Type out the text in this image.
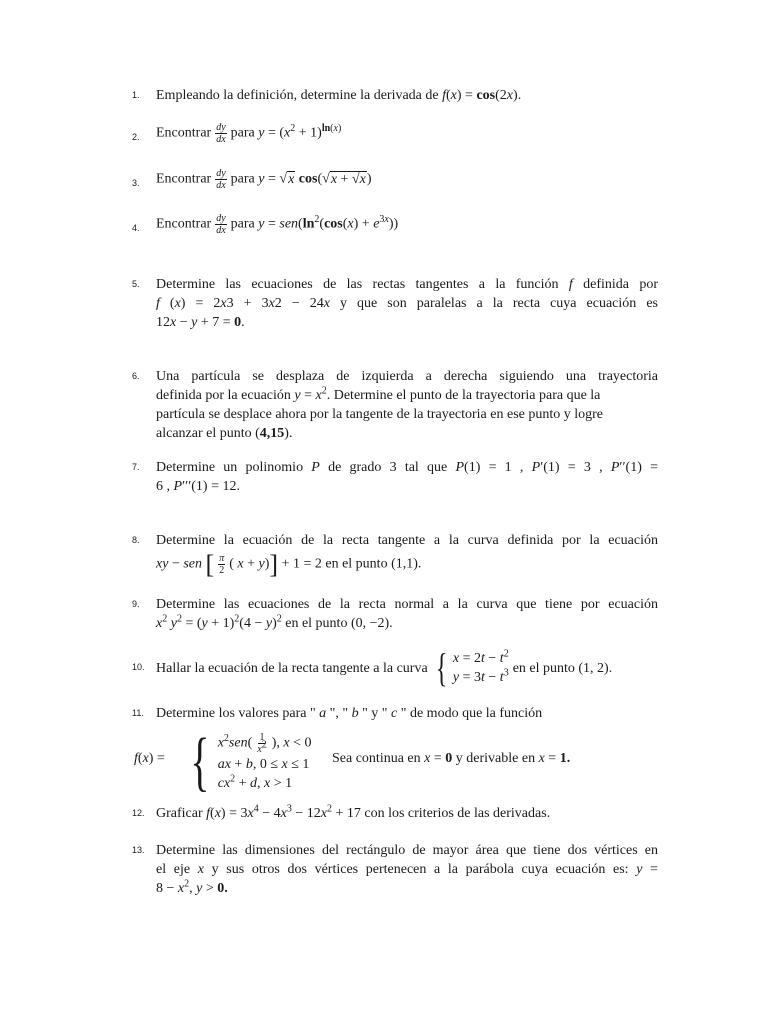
1.	Empleando la definición, determine la derivada de f(x) = cos(2x).
2.	Encontrar $\frac{dy}{dx}$ para $y = (x^2 + 1)^{ln(x)}$
3.	Encontrar $\frac{dy}{dx}$ para y = √x cos(√x + √x)
4.	Encontrar $\frac{dy}{dx}$ para $y = sen(\ln^2(\cos(x) + e^{3x}))$
5.	Determine las ecuaciones de las rectas tangentes a la función f definida por
f (x) = 2x3 + 3x2 − 24x y que son paralelas a la recta cuya ecuación es
12x − y + 7 = 0.
6.	Una partícula se desplaza de izquierda a derecha siguiendo una trayectoria
definida por la ecuación $y = x^2$. Determine el punto de la trayectoria para que la
partícula se desplace ahora por la tangente de la trayectoria en ese punto y logre
alcanzar el punto (4,15).
7.	Determine un polinomio P de grado 3 tal que P(1) = 1 , P′(1) = 3 , P′′(1) =
6 , P′′′(1) = 12.
8.	Determine la ecuación de la recta tangente a la curva definida por la ecuación
xy − sen [ $\frac{\pi}{2}$ ( x + y)] + 1 = 2 en el punto (1,1).
9.	Determine las ecuaciones de la recta normal a la curva que tiene por ecuación
$x^2$ $y^2 = (y + 1)^2(4 - y)^2$ en el punto (0, −2).
10. Hallar la ecuación de la recta tangente a la curva { $x = 2t - t^2$
$y = 3t - t^3$ en el punto (1, 2).
11. Determine los valores para " a ", " b " y " c " de modo que la función
f(x) = { $x^2sen( \frac{1}{x^2}$ ), x < 0
ax + b, 0 ≤ x ≤ 1
$cx^2 + d$, x > 1
Sea continua en x = 0 y derivable en x = 1.
12. Graficar $f(x) = 3x^4 - 4x^3 - 12x^2 + 17$ con los criterios de las derivadas.
13. Determine las dimensiones del rectángulo de mayor área que tiene dos vértices en
el eje x y sus otros dos vértices pertenecen a la parábola cuya ecuación es: y =
$8 - x^2$, y > 0.
